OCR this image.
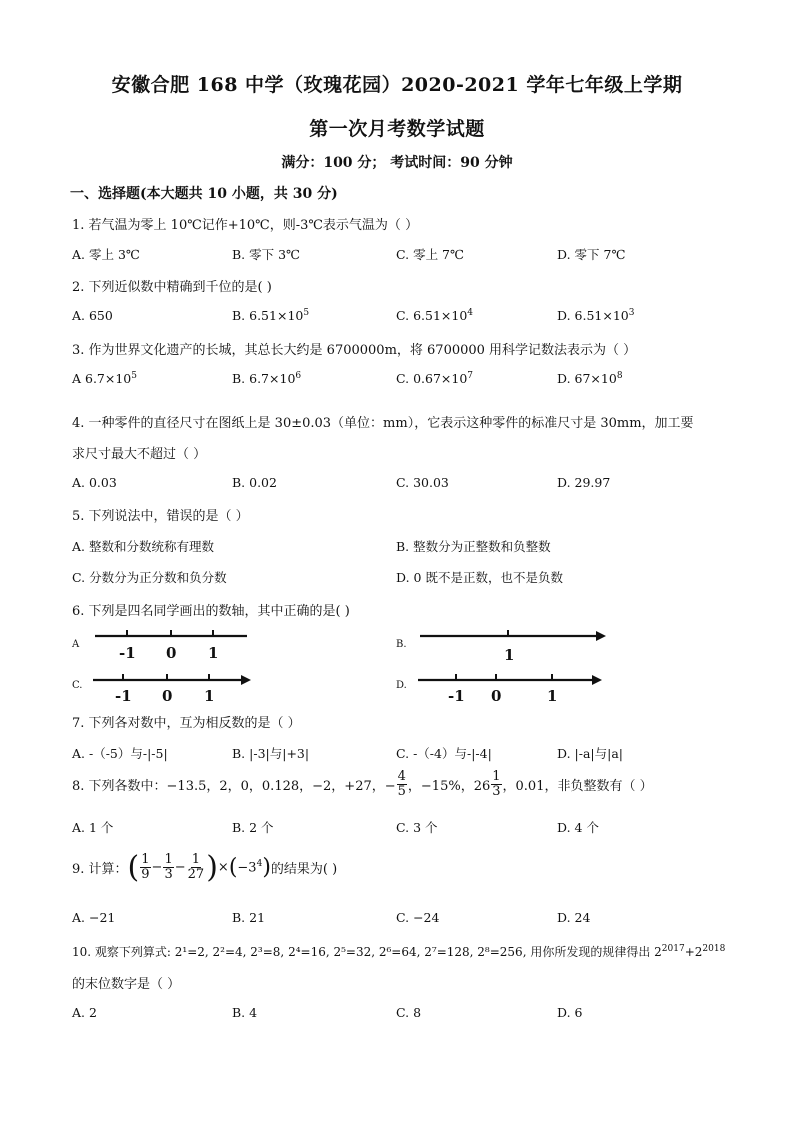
安徽合肥 168 中学（玫瑰花园）2020-2021 学年七年级上学期
第一次月考数学试题
满分：100 分； 考试时间：90 分钟
一、选择题(本大题共 10 小题，共 30 分)
1. 若气温为零上 10℃记作+10℃，则-3℃表示气温为（ ）
A. 零上 3℃	B. 零下 3℃	C. 零上 7℃	D. 零下 7℃
2. 下列近似数中精确到千位的是( )
A. 650	B. $6.51\times 10^5$	C. $6.51\times 10^4$	D. $6.51\times 10^3$
3. 作为世界文化遗产的长城，其总长大约是 6700000m，将 6700000 用科学记数法表示为（ ）
A $6.7\times 10^5$	B. $6.7\times 10^6$	C. $0.67\times 10^7$	D. $67\times 10^8$
4. 一种零件的直径尺寸在图纸上是 30±0.03（单位：mm），它表示这种零件的标准尺寸是 30mm，加工要
求尺寸最大不超过（ ）
A. 0.03	B. 0.02	C. 30.03	D. 29.97
5. 下列说法中，错误的是（ ）
A. 整数和分数统称有理数	B. 整数分为正整数和负整数
C. 分数分为正分数和负分数	D. 0 既不是正数，也不是负数
6. 下列是四名同学画出的数轴，其中正确的是( )
A	-1 0 1	B.
1
C.
-1 0 1
D.
-1 0	1
7. 下列各对数中，互为相反数的是（ ）
A. -（-5）与-|-5|	B. |-3|与|+3|	C. -（-4）与-|-4|	D. |-a|与|a|
8. 下列各数中：−13.5，2，0，0.128，−2，+27，− $\frac{4}{5}$ ，−15%，$26 \frac{1}{3}$ ，0.01，非负整数有（ ）
A. 1 个	B. 2 个	C. 3 个	D. 4 个
9. 计算： ( $\frac{1}{9} - \frac{1}{3} - \frac{1}{27}$ ) × ( $-3^4$ ) 的结果为( )
A. −21	B. 21	C. −24	D. 24
10. 观察下列算式: 2¹=2, 2²=4, 2³=8, 2⁴=16, 2⁵=32, 2⁶=64, 2⁷=128, 2⁸=256, 用你所发现的规律得出 $2^{2017}+2^{2018}$
的末位数字是（ ）
A. 2	B. 4	C. 8	D. 6
